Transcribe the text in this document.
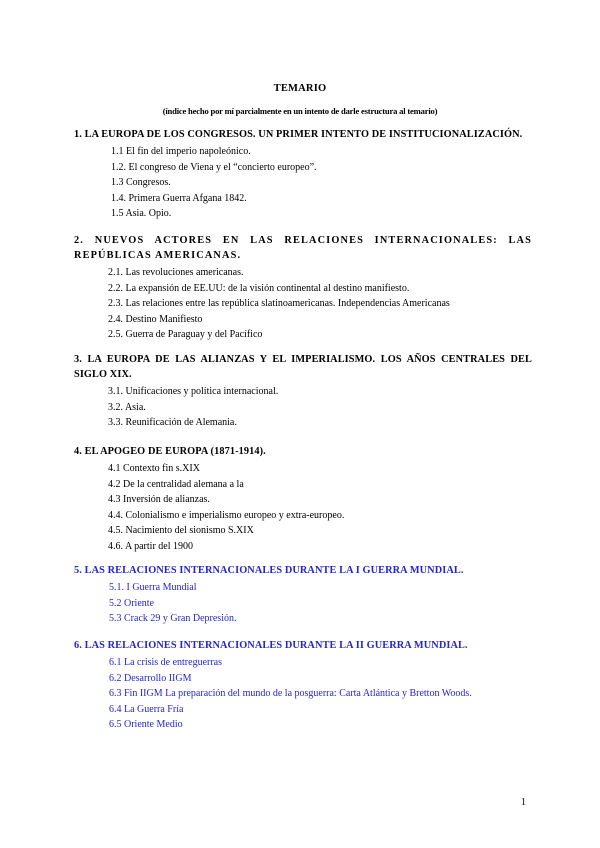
TEMARIO
(índice hecho por mí parcialmente en un intento de darle estructura al temario)
1. LA EUROPA DE LOS CONGRESOS. UN PRIMER INTENTO DE INSTITUCIONALIZACIÓN.
1.1 El fin del imperio napoleónico.
1.2. El congreso de Viena y el “concierto europeo”.
1.3 Congresos.
1.4. Primera Guerra Afgana 1842.
1.5 Asia. Opio.
2. NUEVOS ACTORES EN LAS RELACIONES INTERNACIONALES: LAS REPÚBLICAS AMERICANAS.
2.1. Las revoluciones americanas.
2.2. La expansión de EE.UU: de la visión continental al destino manifiesto.
2.3. Las relaciones entre las república slatinoamericanas. Independencias Americanas
2.4. Destino Manifiesto
2.5. Guerra de Paraguay y del Pacífico
3. LA EUROPA DE LAS ALIANZAS Y EL IMPERIALISMO. LOS AÑOS CENTRALES DEL SIGLO XIX.
3.1. Unificaciones y política internacional.
3.2. Asia.
3.3. Reunificación de Alemania.
4. EL APOGEO DE EUROPA (1871-1914).
4.1 Contexto fin s.XIX
4.2 De la centralidad alemana a la
4.3 Inversión de alianzas.
4.4. Colonialismo e imperialismo europeo y extra-europeo.
4.5. Nacimiento del sionismo S.XIX
4.6. A partir del 1900
5. LAS RELACIONES INTERNACIONALES DURANTE LA I GUERRA MUNDIAL.
5.1. I Guerra Mundial
5.2 Oriente
5.3 Crack 29 y Gran Depresión.
6. LAS RELACIONES INTERNACIONALES DURANTE LA II GUERRA MUNDIAL.
6.1 La crisis de entreguerras
6.2 Desarrollo IIGM
6.3 Fin IIGM La preparación del mundo de la posguerra: Carta Atlántica y Bretton Woods.
6.4 La Guerra Fría
6.5 Oriente Medio
1
